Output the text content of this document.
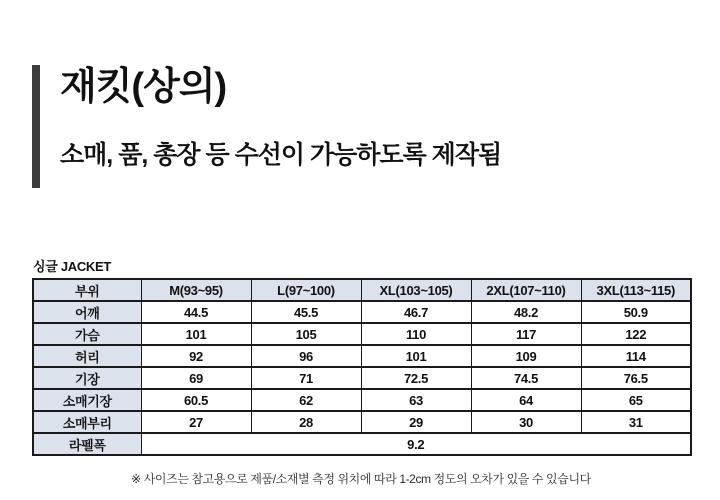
재킷(상의)
소매, 품, 총장 등 수선이 가능하도록 제작됨
싱글 JACKET
부위	M(93~95)	L(97~100)	XL(103~105)	2XL(107~110)	3XL(113~115)
어깨	44.5	45.5	46.7	48.2	50.9
가슴	101	105	110	117	122
허리	92	96	101	109	114
기장	69	71	72.5	74.5	76.5
소매기장	60.5	62	63	64	65
소매부리	27	28	29	30	31
라펠폭	9.2				
※ 사이즈는 참고용으로 제품/소재별 측정 위치에 따라 1-2cm 정도의 오차가 있을 수 있습니다
